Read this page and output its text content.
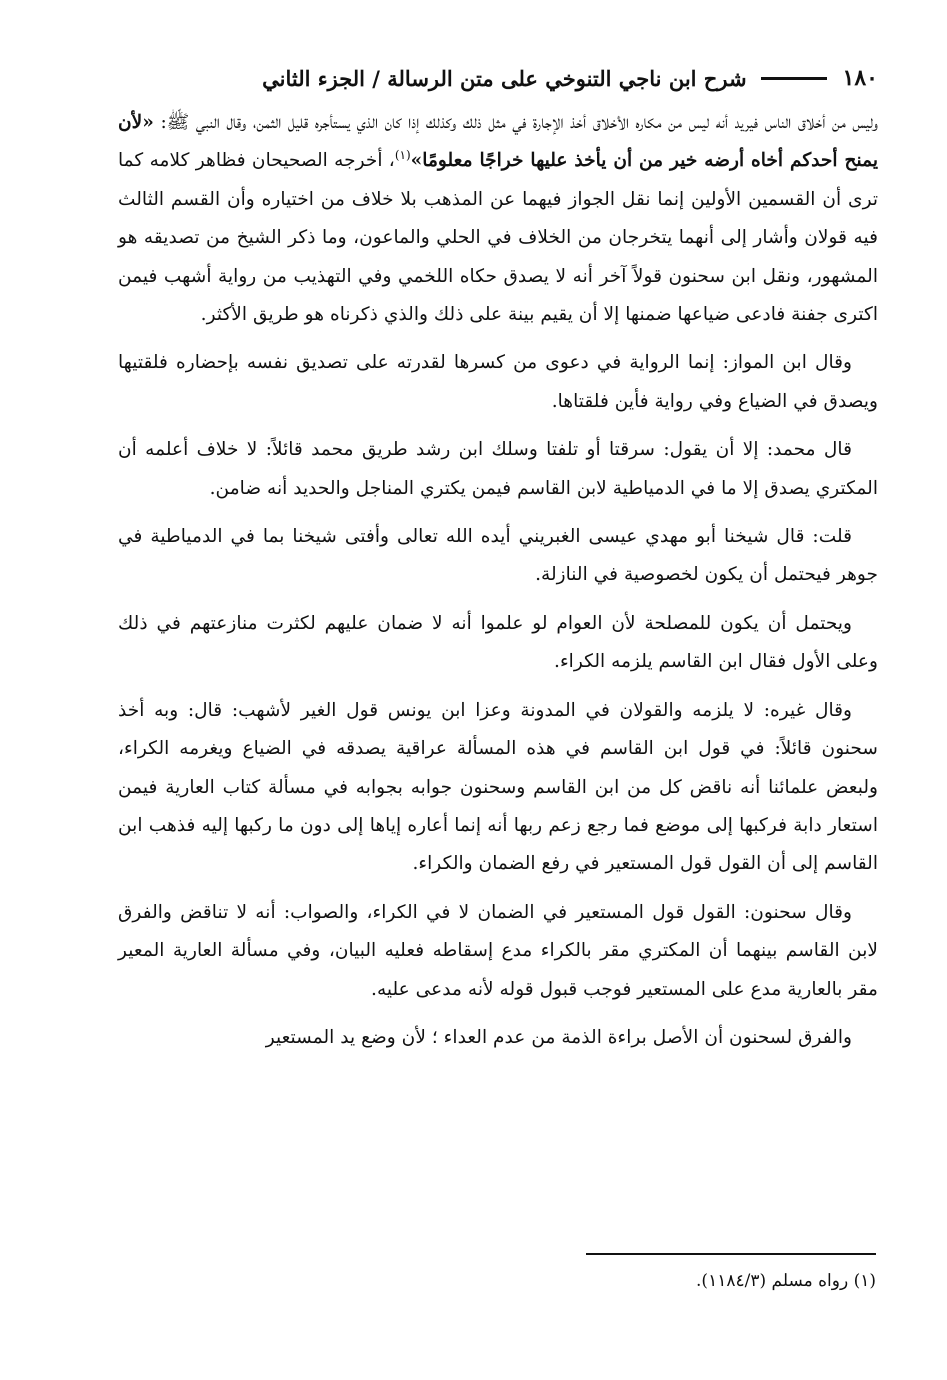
١٨٠
شرح ابن ناجي التنوخي على متن الرسالة / الجزء الثاني

وليس من أخلاق الناس فيريد أنه ليس من مكاره الأخلاق أخذ الإجارة في مثل ذلك وكذلك إذا كان الذي يستأجره قليل الثمن، وقال النبي ﷺ: «لأن يمنح أحدكم أخاه أرضه خير من أن يأخذ عليها خراجًا معلومًا»$^{(١)}$، أخرجه الصحيحان فظاهر كلامه كما ترى أن القسمين الأولين إنما نقل الجواز فيهما عن المذهب بلا خلاف من اختياره وأن القسم الثالث فيه قولان وأشار إلى أنهما يتخرجان من الخلاف في الحلي والماعون، وما ذكر الشيخ من تصديقه هو المشهور، ونقل ابن سحنون قولاً آخر أنه لا يصدق حكاه اللخمي وفي التهذيب من رواية أشهب فيمن اكترى جفنة فادعى ضياعها ضمنها إلا أن يقيم بينة على ذلك والذي ذكرناه هو طريق الأكثر.

وقال ابن المواز: إنما الرواية في دعوى من كسرها لقدرته على تصديق نفسه بإحضاره فلقتيها ويصدق في الضياع وفي رواية فأين فلقتاها.

قال محمد: إلا أن يقول: سرقتا أو تلفتا وسلك ابن رشد طريق محمد قائلاً: لا خلاف أعلمه أن المكتري يصدق إلا ما في الدمياطية لابن القاسم فيمن يكتري المناجل والحديد أنه ضامن.

قلت: قال شيخنا أبو مهدي عيسى الغبريني أيده الله تعالى وأفتى شيخنا بما في الدمياطية في جوهر فيحتمل أن يكون لخصوصية في النازلة.

ويحتمل أن يكون للمصلحة لأن العوام لو علموا أنه لا ضمان عليهم لكثرت منازعتهم في ذلك وعلى الأول فقال ابن القاسم يلزمه الكراء.

وقال غيره: لا يلزمه والقولان في المدونة وعزا ابن يونس قول الغير لأشهب: قال: وبه أخذ سحنون قائلاً: في قول ابن القاسم في هذه المسألة عراقية يصدقه في الضياع ويغرمه الكراء، ولبعض علمائنا أنه ناقض كل من ابن القاسم وسحنون جوابه بجوابه في مسألة كتاب العارية فيمن استعار دابة فركبها إلى موضع فما رجع زعم ربها أنه إنما أعاره إياها إلى دون ما ركبها إليه فذهب ابن القاسم إلى أن القول قول المستعير في رفع الضمان والكراء.

وقال سحنون: القول قول المستعير في الضمان لا في الكراء، والصواب: أنه لا تناقض والفرق لابن القاسم بينهما أن المكتري مقر بالكراء مدع إسقاطه فعليه البيان، وفي مسألة العارية المعير مقر بالعارية مدع على المستعير فوجب قبول قوله لأنه مدعى عليه.

والفرق لسحنون أن الأصل براءة الذمة من عدم العداء ؛ لأن وضع يد المستعير

(١) رواه مسلم (١١٨٤/٣).
